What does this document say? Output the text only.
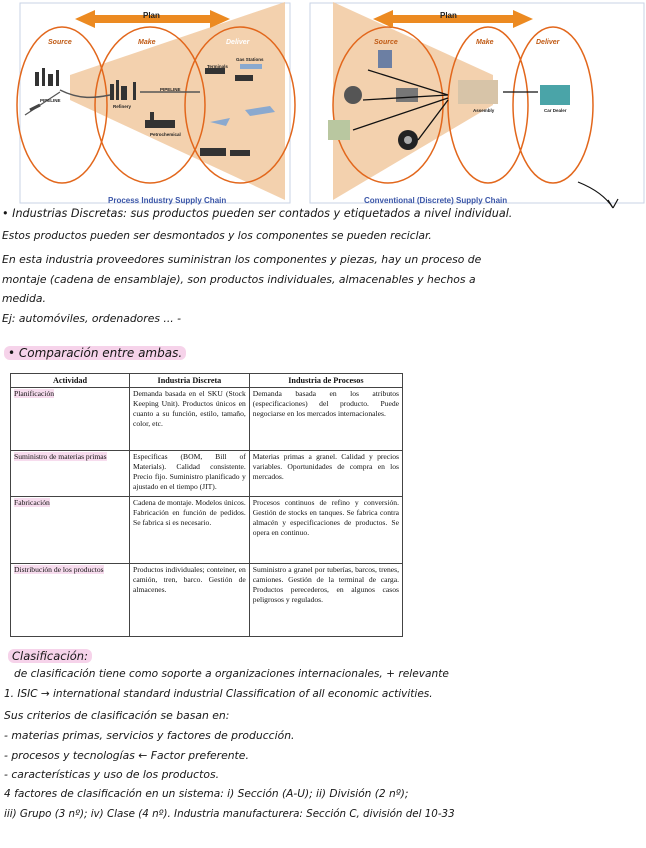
Plan
Source	Make	Deliver
Gas Stations
Terminals
PIPELINE
Refinery
PIPELINE
Petrochemical
Process Industry Supply Chain
Plan
Source	Make	Deliver
Assembly	Car Dealer
Conventional (Discrete) Supply Chain
• Industrias Discretas: sus productos pueden ser contados y etiquetados a nivel individual.
Estos productos pueden ser desmontados y los componentes se pueden reciclar.
En esta industria proveedores suministran los componentes y piezas, hay un proceso de
montaje (cadena de ensamblaje), son productos individuales, almacenables y hechos a
medida.
Ej: automóviles, ordenadores ... -
• Comparación entre ambas.
Actividad	Industria Discreta	Industria de Procesos
Planificación	Demanda basada en el SKU (Stock Keeping Unit). Productos únicos en cuanto a su función, estilo, tamaño, color, etc.	Demanda basada en los atributos (especificaciones) del producto. Puede negociarse en los mercados internacionales.
Suministro de materias primas	Específicas (BOM, Bill of Materials). Calidad consistente. Precio fijo. Suministro planificado y ajustado en el tiempo (JIT).	Materias primas a granel. Calidad y precios variables. Oportunidades de compra en los mercados.
Fabricación	Cadena de montaje. Modelos únicos. Fabricación en función de pedidos. Se fabrica si es necesario.	Procesos continuos de refino y conversión. Gestión de stocks en tanques. Se fabrica contra almacén y especificaciones de productos. Se opera en continuo.
Distribución de los productos	Productos individuales; conteiner, en camión, tren, barco. Gestión de almacenes.	Suministro a granel por tuberías, barcos, trenes, camiones. Gestión de la terminal de carga. Productos perecederos, en algunos casos peligrosos y regulados.
Clasificación:
de clasificación tiene como soporte a organizaciones internacionales, + relevante
1. ISIC → international standard industrial Classification of all economic activities.
Sus criterios de clasificación se basan en:
- materias primas, servicios y factores de producción.
- procesos y tecnologías ← Factor preferente.
- características y uso de los productos.
4 factores de clasificación en un sistema: i) Sección (A-U); ii) División (2 nº);
iii) Grupo (3 nº); iv) Clase (4 nº). Industria manufacturera: Sección C, división del 10-33
